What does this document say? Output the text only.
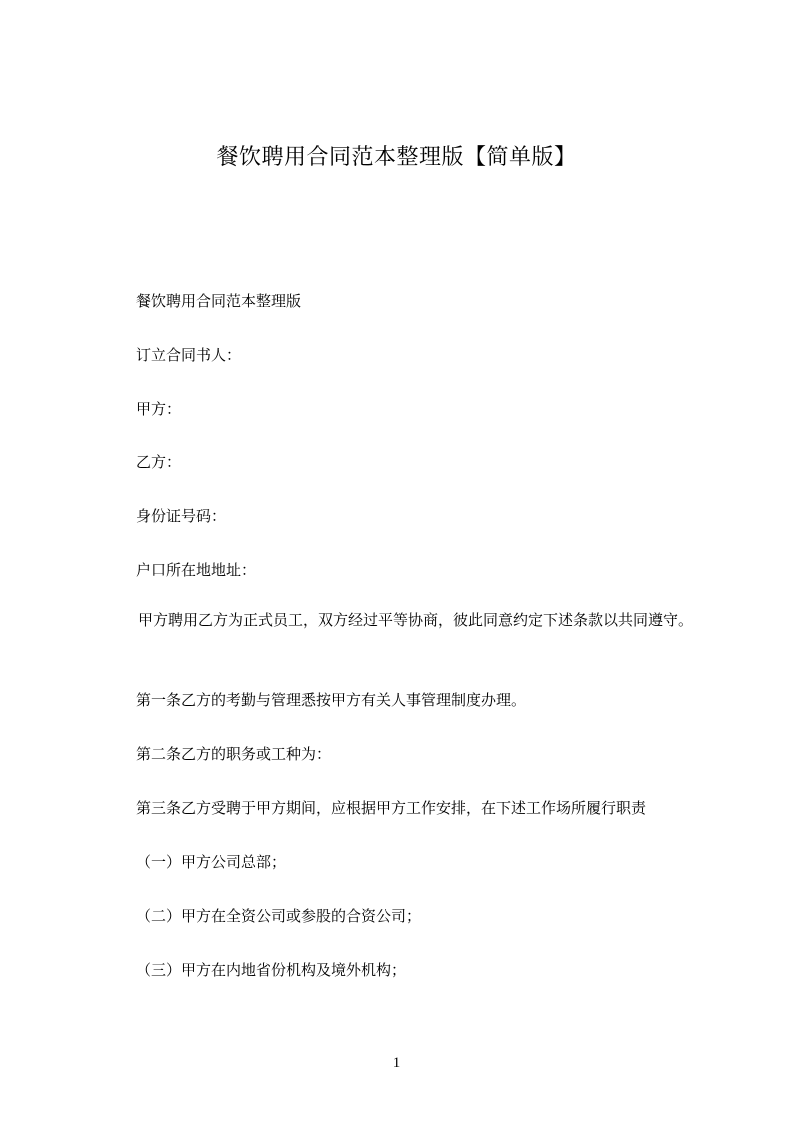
餐饮聘用合同范本整理版【简单版】
餐饮聘用合同范本整理版
订立合同书人：
甲方：
乙方：
身份证号码：
户口所在地地址：
甲方聘用乙方为正式员工，双方经过平等协商，彼此同意约定下述条款以共同遵守。
第一条乙方的考勤与管理悉按甲方有关人事管理制度办理。
第二条乙方的职务或工种为：
第三条乙方受聘于甲方期间，应根据甲方工作安排，在下述工作场所履行职责
（一）甲方公司总部；
（二）甲方在全资公司或参股的合资公司；
（三）甲方在内地省份机构及境外机构；
1
